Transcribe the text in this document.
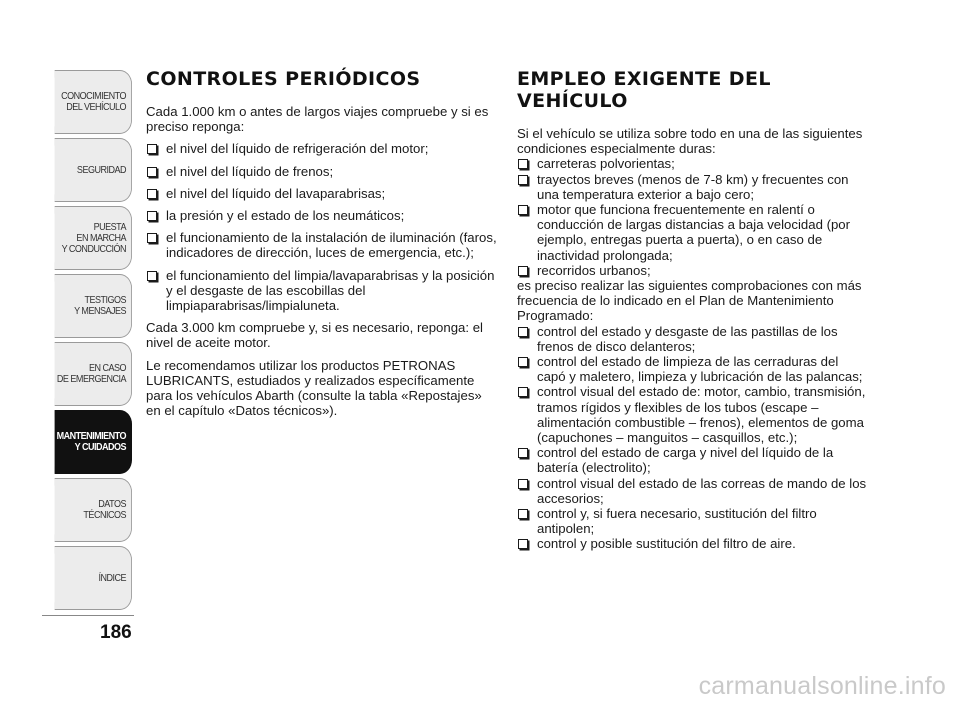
CONOCIMIENTO
DEL VEHÍCULO
SEGURIDAD
PUESTA
EN MARCHA
Y CONDUCCIÓN
TESTIGOS
Y MENSAJES
EN CASO
DE EMERGENCIA
MANTENIMIENTO
Y CUIDADOS
DATOS TÉCNICOS
ÍNDICE
186
CONTROLES PERIÓDICOS

Cada 1.000 km o antes de largos viajes compruebe y si es preciso reponga:

el nivel del líquido de refrigeración del motor;
el nivel del líquido de frenos;
el nivel del líquido del lavaparabrisas;
la presión y el estado de los neumáticos;
el funcionamiento de la instalación de iluminación (faros, indicadores de dirección, luces de emergencia, etc.);
el funcionamiento del limpia/lavaparabrisas y la posición y el desgaste de las escobillas del limpiaparabrisas/limpialuneta.

Cada 3.000 km compruebe y, si es necesario, reponga: el nivel de aceite motor.

Le recomendamos utilizar los productos PETRONAS LUBRICANTS, estudiados y realizados específicamente para los vehículos Abarth (consulte la tabla «Repostajes» en el capítulo «Datos técnicos»).

EMPLEO EXIGENTE DEL VEHÍCULO

Si el vehículo se utiliza sobre todo en una de las siguientes condiciones especialmente duras:

carreteras polvorientas;
trayectos breves (menos de 7-8 km) y frecuentes con una temperatura exterior a bajo cero;
motor que funciona frecuentemente en ralentí o conducción de largas distancias a baja velocidad (por ejemplo, entregas puerta a puerta), o en caso de inactividad prolongada;
recorridos urbanos;

es preciso realizar las siguientes comprobaciones con más frecuencia de lo indicado en el Plan de Mantenimiento Programado:

control del estado y desgaste de las pastillas de los frenos de disco delanteros;
control del estado de limpieza de las cerraduras del capó y maletero, limpieza y lubricación de las palancas;
control visual del estado de: motor, cambio, transmisión, tramos rígidos y flexibles de los tubos (escape – alimentación combustible – frenos), elementos de goma (capuchones – manguitos – casquillos, etc.);
control del estado de carga y nivel del líquido de la batería (electrolito);
control visual del estado de las correas de mando de los accesorios;
control y, si fuera necesario, sustitución del filtro antipolen;
control y posible sustitución del filtro de aire.
carmanualsonline.info
